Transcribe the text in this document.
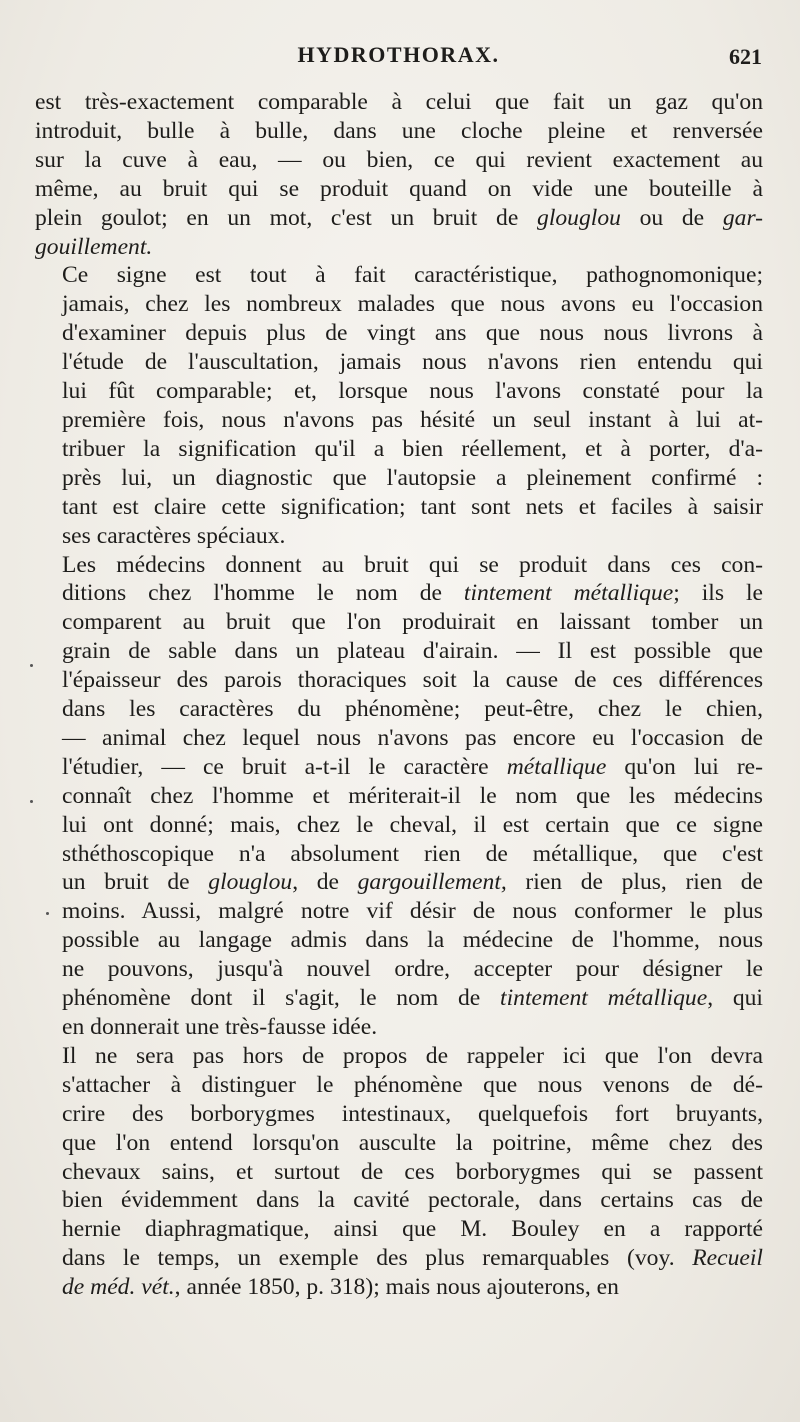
HYDROTHORAX.	621

est très-exactement comparable à celui que fait un gaz qu'on
introduit, bulle à bulle, dans une cloche pleine et renversée
sur la cuve à eau, — ou bien, ce qui revient exactement au
même, au bruit qui se produit quand on vide une bouteille à
plein goulot; en un mot, c'est un bruit de glouglou ou de gar-
gouillement.

Ce signe est tout à fait caractéristique, pathognomonique;
jamais, chez les nombreux malades que nous avons eu l'occasion
d'examiner depuis plus de vingt ans que nous nous livrons à
l'étude de l'auscultation, jamais nous n'avons rien entendu qui
lui fût comparable; et, lorsque nous l'avons constaté pour la
première fois, nous n'avons pas hésité un seul instant à lui at-
tribuer la signification qu'il a bien réellement, et à porter, d'a-
près lui, un diagnostic que l'autopsie a pleinement confirmé :
tant est claire cette signification; tant sont nets et faciles à saisir
ses caractères spéciaux.

Les médecins donnent au bruit qui se produit dans ces con-
ditions chez l'homme le nom de tintement métallique; ils le
comparent au bruit que l'on produirait en laissant tomber un
grain de sable dans un plateau d'airain. — Il est possible que
l'épaisseur des parois thoraciques soit la cause de ces différences
dans les caractères du phénomène; peut-être, chez le chien,
— animal chez lequel nous n'avons pas encore eu l'occasion de
l'étudier, — ce bruit a-t-il le caractère métallique qu'on lui re-
connaît chez l'homme et mériterait-il le nom que les médecins
lui ont donné; mais, chez le cheval, il est certain que ce signe
sthéthoscopique n'a absolument rien de métallique, que c'est
un bruit de glouglou, de gargouillement, rien de plus, rien de
moins. Aussi, malgré notre vif désir de nous conformer le plus
possible au langage admis dans la médecine de l'homme, nous
ne pouvons, jusqu'à nouvel ordre, accepter pour désigner le
phénomène dont il s'agit, le nom de tintement métallique, qui
en donnerait une très-fausse idée.

Il ne sera pas hors de propos de rappeler ici que l'on devra
s'attacher à distinguer le phénomène que nous venons de dé-
crire des borborygmes intestinaux, quelquefois fort bruyants,
que l'on entend lorsqu'on ausculte la poitrine, même chez des
chevaux sains, et surtout de ces borborygmes qui se passent
bien évidemment dans la cavité pectorale, dans certains cas de
hernie diaphragmatique, ainsi que M. Bouley en a rapporté
dans le temps, un exemple des plus remarquables (voy. Recueil
de méd. vét., année 1850, p. 318); mais nous ajouterons, en
